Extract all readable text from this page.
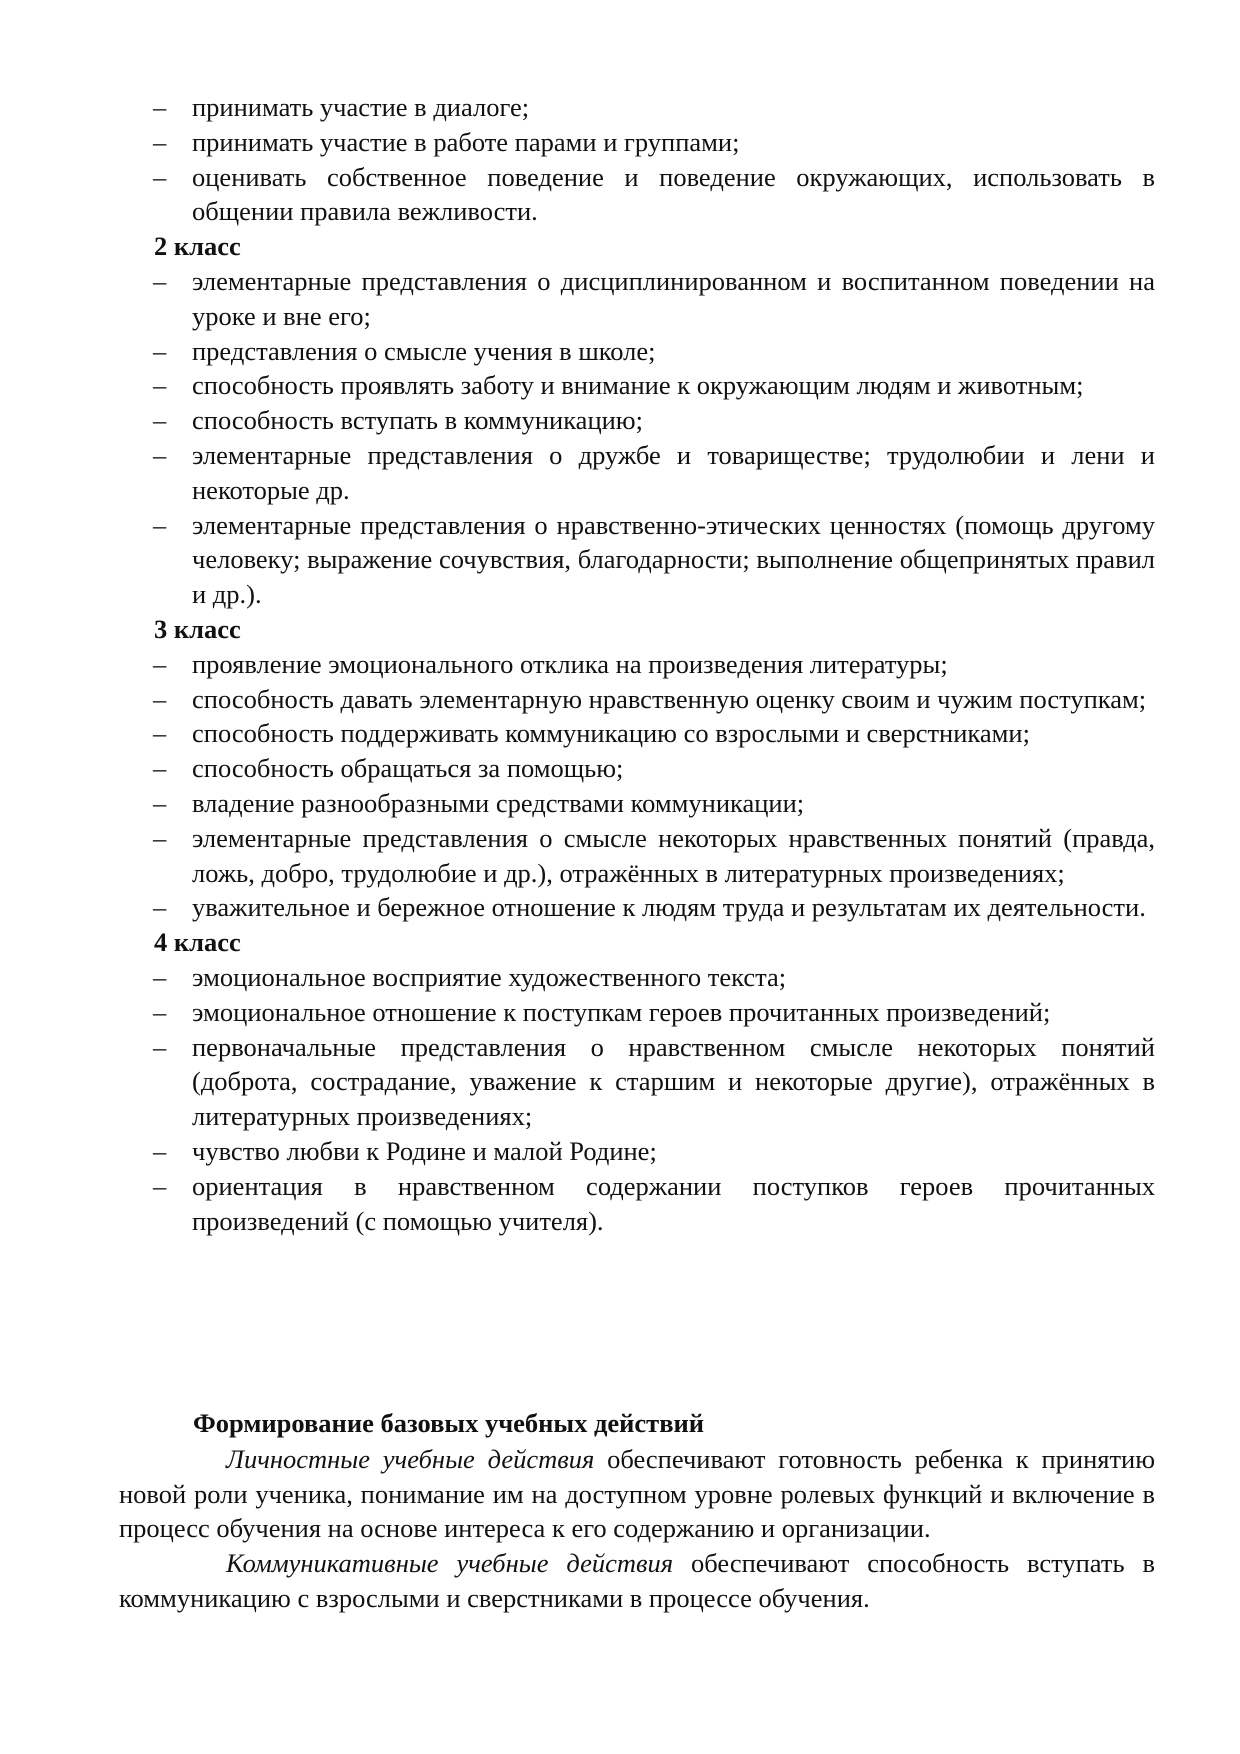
– принимать участие в диалоге;
– принимать участие в работе парами и группами;
– оценивать собственное поведение и поведение окружающих, использовать в общении правила вежливости.
2 класс
– элементарные представления о дисциплинированном и воспитанном поведении на уроке и вне его;
– представления о смысле учения в школе;
– способность проявлять заботу и внимание к окружающим людям и животным;
– способность вступать в коммуникацию;
– элементарные представления о дружбе и товариществе; трудолюбии и лени и некоторые др.
– элементарные представления о нравственно-этических ценностях (помощь другому человеку; выражение сочувствия, благодарности; выполнение общепринятых правил и др.).
3 класс
– проявление эмоционального отклика на произведения литературы;
– способность давать элементарную нравственную оценку своим и чужим поступкам;
– способность поддерживать коммуникацию со взрослыми и сверстниками;
– способность обращаться за помощью;
– владение разнообразными средствами коммуникации;
– элементарные представления о смысле некоторых нравственных понятий (правда, ложь, добро, трудолюбие и др.), отражённых в литературных произведениях;
– уважительное и бережное отношение к людям труда и результатам их деятельности.
4 класс
– эмоциональное восприятие художественного текста;
– эмоциональное отношение к поступкам героев прочитанных произведений;
– первоначальные представления о нравственном смысле некоторых понятий (доброта, сострадание, уважение к старшим и некоторые другие), отражённых в литературных произведениях;
– чувство любви к Родине и малой Родине;
– ориентация в нравственном содержании поступков героев прочитанных произведений (с помощью учителя).
Формирование базовых учебных действий

Личностные учебные действия обеспечивают готовность ребенка к принятию новой роли ученика, понимание им на доступном уровне ролевых функций и включение в процесс обучения на основе интереса к его содержанию и организации.

Коммуникативные учебные действия обеспечивают способность вступать в коммуникацию с взрослыми и сверстниками в процессе обучения.
